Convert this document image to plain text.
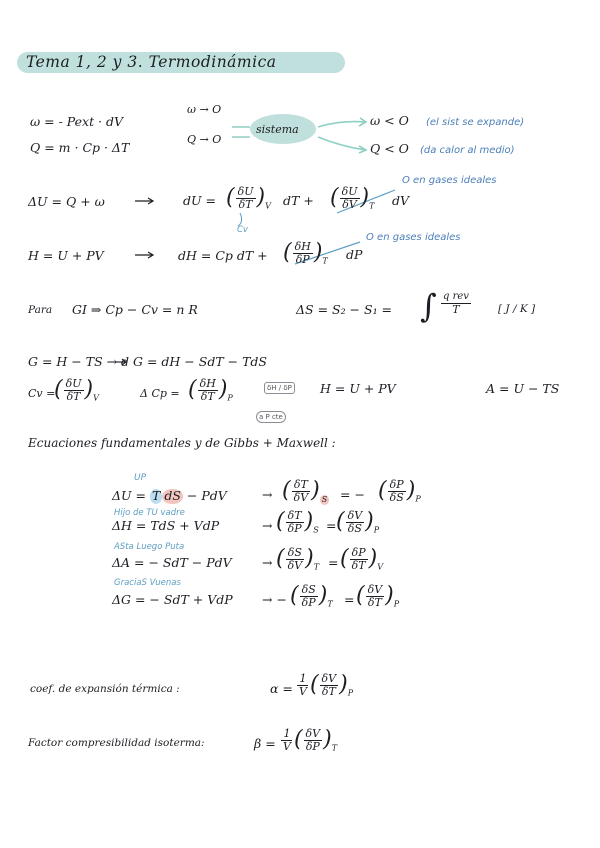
Tema 1, 2 y 3. Termodinámica
ω = - Pext · dV
Q = m · Cp · ΔT
ω → O
Q → O
sistema
ω < O
Q < O
(el sist se expande)
(da calor al medio)
ΔU = Q + ω	dU = ( $\frac{\delta U}{\delta T} )_V$ dT + ( $\frac{\delta U}{\delta V} )_T$ dV
Cv
O en gases ideales
H = U + PV	dH = Cp dT + ( $\frac{\delta H}{\delta P} )_T$ dP
O en gases ideales
Para GI ⇒ Cp − Cv = n R	ΔS = S₂ − S₁ = ∫ $\frac{\text{q rev}}{T}$	[ J / K ]
G = H − TS → d G = dH − SdT − TdS
Cv =
( $\frac{\delta U}{\delta T} )_V$	Δ Cp = ( $\frac{\delta H}{\delta T} )_P$
δH / δP
a P cte
H = U + PV	A = U − TS
Ecuaciones fundamentales y de Gibbs + Maxwell :
UP
ΔU = T dS − PdV	→ ( $\frac{\delta T}{\delta V}$ ) S = − ( $\frac{\delta P}{\delta S} )_P$
Hijo de TU vadre
ΔH = TdS + VdP	→ ( $\frac{\delta T}{\delta P} )_S$ = ( $\frac{\delta V}{\delta S} )_P$
ASta Luego Puta
ΔA = − SdT − PdV → ( $\frac{\delta S}{\delta V} )_T$ = ( $\frac{\delta P}{\delta T} )_V$
GraciaS Vuenas
ΔG = − SdT + VdP → − ( $\frac{\delta S}{\delta P} )_T$ = ( $\frac{\delta V}{\delta T} )_P$
coef. de expansión térmica :	$\alpha = \frac{1}{V}$ ( $\frac{\delta V}{\delta T} )_P$
Factor compresibilidad isoterma:	$\beta = \frac{1}{V}$ ( $\frac{\delta V}{\delta P} )_T$
